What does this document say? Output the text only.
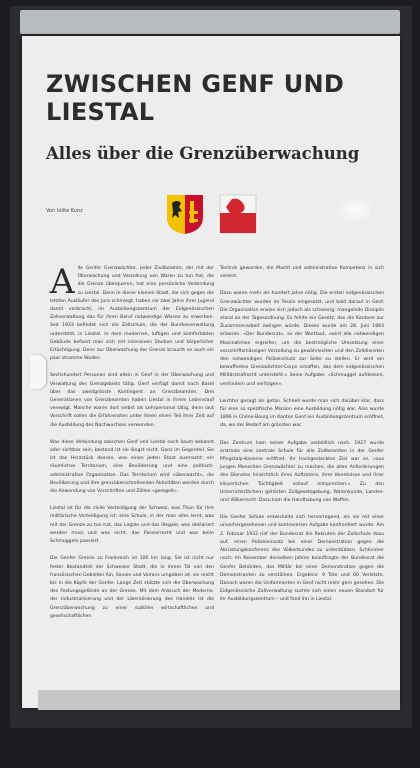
ZWISCHEN GENF UND LIESTAL
Alles über die Grenzüberwachung
Von Iolite Kunz
A lle Genfer Grenzwächter, jeder Zivilbeamte, der mit der Überwachung und Verzollung von Waren zu tun hat, die die Grenze überqueren, hat eine persönliche Verbindung zu Liestal. Denn in dieser kleinen Stadt, die sich gegen die letzten Ausläufer des Jura schmiegt, haben sie zwei Jahre ihrer Jugend damit verbracht, im Ausbildungszentrum der Eidgenössischen Zollverwaltung das für ihren Beruf notwendige Wissen zu erwerben. Seit 1933 befindet sich die Zollschule, die der Bundesverwaltung untersteht, in Liestal. In dem modernen, luftigen und komfortablen Gebäude befasst man sich mit intensiven Studien und körperlicher Ertüchtigung. Denn zur Überwachung der Grenze braucht es auch ein paar stramme Waden.

Sechshundert Personen sind allein in Genf in der Überwachung und Verwaltung des Grenzgebiets tätig. Genf verfügt damit nach Basel über das zweitgrösste Kontingent an Grenzbeamten. Drei Generationen von Grenzbeamten haben Liestal in ihrem Lebenslauf verewigt. Manche waren dort selbst als Lehrpersonal tätig, denn laut Vorschrift sollen die Erfahrensten unter ihnen einen Teil ihrer Zeit auf die Ausbildung des Nachwuchses verwenden.

Was diese Verbindung zwischen Genf und Liestal noch kaum bekannt oder sichtbar sein, bestand ist sie längst nicht. Ganz im Gegenteil. Sie ist das Herzstück dessen, was einen jeden Staat ausmacht: ein räumliches Territorium, eine Bevölkerung und eine politisch-administrative Organisation. Das Territorium wird «überwacht», die Bevölkerung und ihre grenzüberschreitenden Aktivitäten werden durch die Anwendung von Vorschriften und Zöllen «geregelt».

Liestal ist für die zivile Verteidigung der Schweiz, was Thun für ihre militärische Verteidigung ist: eine Schule, in der man alles lernt, was mit der Grenze zu tun hat, das Legale und das Illegale, was deklariert werden muss und was nicht, das Passierrecht und was beim Schmuggeln passiert.

Die Genfer Grenze zu Frankreich ist 100 km lang. Sie ist nicht nur fester Bestandteil der Schweizer Stadt, die in ihrem Tal von den französischen Gebieten Ain, Savoie und Voirons umgeben ist, sie reicht bis in die Köpfe der Genfer. Lange Zeit stützte sich die Überwachung des Festungsgelände an der Grenze. Mit dem Anbruch der Moderne, der Industrialisierung und der Liberalisierung des Handels ist die Grenzüberwachung zu einer subtilen wirtschaftlichen und gesellschaftlichen

Technik geworden, die Macht und administrative Kompetenz in sich vereint.

Dazu waren mehr als hundert Jahre nötig. Die ersten eidgenössischen Grenzwächter wurden im Tessin eingesetzt, und bald darauf in Genf. Die Organisation erwies sich jedoch als schwierig; mangelnde Disziplin stand an der Tagesordnung. Es fehlte ein Gesetz, das die Kantone zur Zusammenarbeit zwingen würde. Dieses wurde am 28. Juni 1893 erlassen. «Der Bundesrat», so der Wortlaut, «wird alle notwendigen Massnahmen ergreifen, um die bestmögliche Umsetzung einer vorschriftsmässigen Verzollung zu gewährleisten und den Zolldiensten den notwendigen Polizeischutz zur Seite zu stellen. Er wird ein bewaffnetes Grenzwächter-Corps schaffen, das dem eidgenössischen Militärstrafrecht untersteht.» Seine Aufgabe: «Schmuggel aufdecken, verhindern und verfolgen».

Leichter gesagt als getan. Schnell wurde man sich darüber klar, dass für eine so spezifische Mission eine Ausbildung nötig war. Also wurde 1896 in Chêne-Bourg im Kanton Genf ein Ausbildungszentrum eröffnet, da, wo der Bedarf am grössten war.

Das Zentrum kam seiner Aufgabe vorbildlich nach. 1927 wurde erstmals eine zentrale Schule für alle Zollbeamten in der Genfer Pfingstalp-Kaserne eröffnet. Ihr hochgestecktes Ziel war es, «aus jungen Menschen Grenzwächter zu machen, die allen Anforderungen des Dienstes hinsichtlich ihres Auftretens, ihrer Kenntnisse und ihrer körperlichen Tüchtigkeit vollauf entsprechen.» Zu den Unterrichtsfächern gehörten Zollgesetzgebung, Warenkunde, Landes- und Völkerrecht. Dazu kam die Handhabung von Waffen.

Die Genfer Schule entwickelte sich hervorragend, als sie mit einer unvorhergesehenen und kontroverser Aufgabe konfrontiert wurde: Am 2. Februar 1932 rief der Bundesrat die Rekruten der Zollschule dazu auf, einen Polizeieinsatz bei einer Demonstration gegen die Abrüstungskonferenz des Völkerbundes zu unterstützen. Schlimmer noch: Im November desselben Jahres beauftragte der Bundesrat die Genfer Behörden, das Militär bei einer Demonstration gegen die Demonstranten zu verstärken. Ergebnis: 9 Tote und 60 Verletzte. Danach waren die Uniformierten in Genf nicht mehr gern gesehen. Die Eidgenössische Zollverwaltung suchte sich einen neuen Standort für ihr Ausbildungszentrum – und fand ihn in Liestal.
